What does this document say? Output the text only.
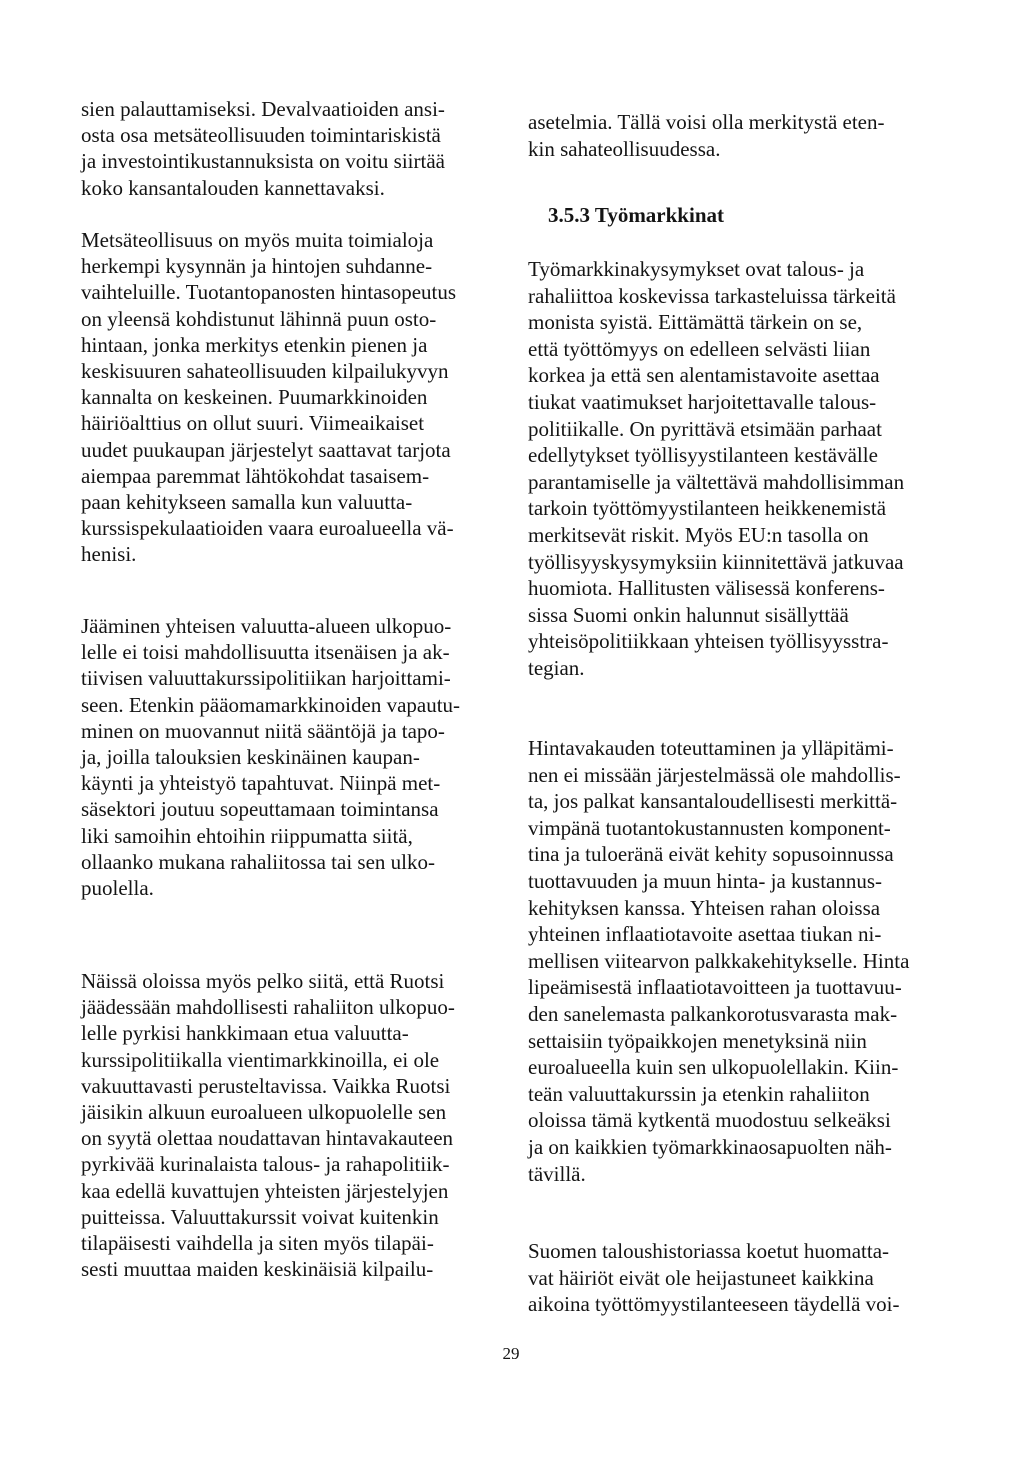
sien palauttamiseksi. Devalvaatioiden ansi-
osta osa metsäteollisuuden toimintariskistä
ja investointikustannuksista on voitu siirtää
koko kansantalouden kannettavaksi.

Metsäteollisuus on myös muita toimialoja
herkempi kysynnän ja hintojen suhdanne-
vaihteluille. Tuotantopanosten hintasopeutus
on yleensä kohdistunut lähinnä puun osto-
hintaan, jonka merkitys etenkin pienen ja
keskisuuren sahateollisuuden kilpailukyvyn
kannalta on keskeinen. Puumarkkinoiden
häiriöalttius on ollut suuri. Viimeaikaiset
uudet puukaupan järjestelyt saattavat tarjota
aiempaa paremmat lähtökohdat tasaisem-
paan kehitykseen samalla kun valuutta-
kurssispekulaatioiden vaara euroalueella vä-
henisi.

Jääminen yhteisen valuutta-alueen ulkopuo-
lelle ei toisi mahdollisuutta itsenäisen ja ak-
tiivisen valuuttakurssipolitiikan harjoittami-
seen. Etenkin pääomamarkkinoiden vapautu-
minen on muovannut niitä sääntöjä ja tapo-
ja, joilla talouksien keskinäinen kaupan-
käynti ja yhteistyö tapahtuvat. Niinpä met-
säsektori joutuu sopeuttamaan toimintansa
liki samoihin ehtoihin riippumatta siitä,
ollaanko mukana rahaliitossa tai sen ulko-
puolella.

Näissä oloissa myös pelko siitä, että Ruotsi
jäädessään mahdollisesti rahaliiton ulkopuo-
lelle pyrkisi hankkimaan etua valuutta-
kurssipolitiikalla vientimarkkinoilla, ei ole
vakuuttavasti perusteltavissa. Vaikka Ruotsi
jäisikin alkuun euroalueen ulkopuolelle sen
on syytä olettaa noudattavan hintavakauteen
pyrkivää kurinalaista talous- ja rahapolitiik-
kaa edellä kuvattujen yhteisten järjestelyjen
puitteissa. Valuuttakurssit voivat kuitenkin
tilapäisesti vaihdella ja siten myös tilapäi-
sesti muuttaa maiden keskinäisiä kilpailu-

asetelmia. Tällä voisi olla merkitystä eten-
kin sahateollisuudessa.

3.5.3 Työmarkkinat

Työmarkkinakysymykset ovat talous- ja
rahaliittoa koskevissa tarkasteluissa tärkeitä
monista syistä. Eittämättä tärkein on se,
että työttömyys on edelleen selvästi liian
korkea ja että sen alentamistavoite asettaa
tiukat vaatimukset harjoitettavalle talous-
politiikalle. On pyrittävä etsimään parhaat
edellytykset työllisyystilanteen kestävälle
parantamiselle ja vältettävä mahdollisimman
tarkoin työttömyystilanteen heikkenemistä
merkitsevät riskit. Myös EU:n tasolla on
työllisyyskysymyksiin kiinnitettävä jatkuvaa
huomiota. Hallitusten välisessä konferens-
sissa Suomi onkin halunnut sisällyttää
yhteisöpolitiikkaan yhteisen työllisyysstra-
tegian.

Hintavakauden toteuttaminen ja ylläpitämi-
nen ei missään järjestelmässä ole mahdollis-
ta, jos palkat kansantaloudellisesti merkittä-
vimpänä tuotantokustannusten komponent-
tina ja tuloeränä eivät kehity sopusoinnussa
tuottavuuden ja muun hinta- ja kustannus-
kehityksen kanssa. Yhteisen rahan oloissa
yhteinen inflaatiotavoite asettaa tiukan ni-
mellisen viitearvon palkkakehitykselle. Hinta
lipeämisestä inflaatiotavoitteen ja tuottavuu-
den sanelemasta palkankorotusvarasta mak-
settaisiin työpaikkojen menetyksinä niin
euroalueella kuin sen ulkopuolellakin. Kiin-
teän valuuttakurssin ja etenkin rahaliiton
oloissa tämä kytkentä muodostuu selkeäksi
ja on kaikkien työmarkkinaosapuolten näh-
tävillä.

Suomen taloushistoriassa koetut huomatta-
vat häiriöt eivät ole heijastuneet kaikkina
aikoina työttömyystilanteeseen täydellä voi-

29
